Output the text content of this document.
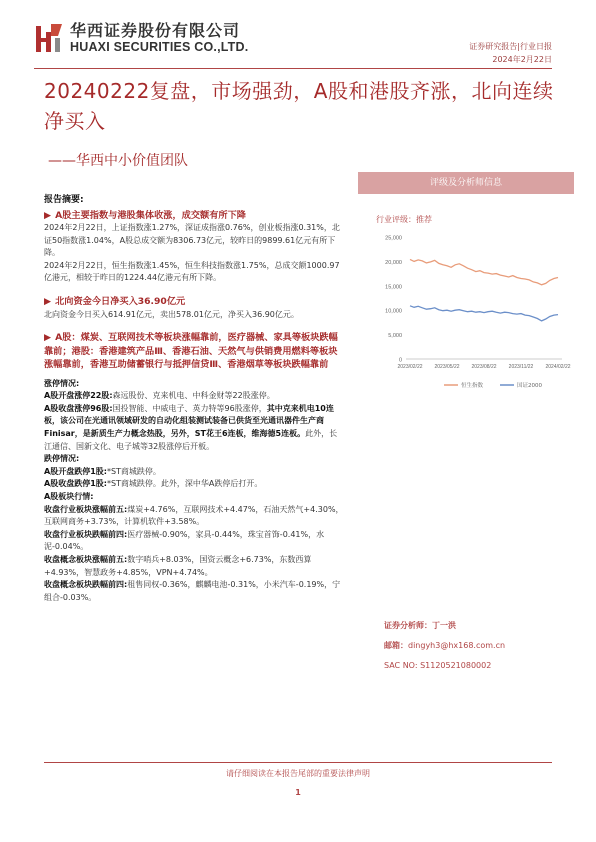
华西证券股份有限公司
HUAXI SECURITIES CO.,LTD.	证券研究报告|行业日报
2024年2月22日
20240222复盘，市场强劲，A股和港股齐涨，北向连续净买入
——华西中小价值团队
报告摘要:
▶ A股主要指数与港股集体收涨，成交额有所下降
2024年2月22日，上证指数涨1.27%，深证成指涨0.76%，创业板指涨0.31%，北证50指数涨1.04%，A股总成交额为8306.73亿元，较昨日的9899.61亿元有所下降。
2024年2月22日，恒生指数涨1.45%，恒生科技指数涨1.75%，总成交额1000.97亿港元，相较于昨日的1224.44亿港元有所下降。
▶ 北向资金今日净买入36.90亿元
北向资金今日买入614.91亿元，卖出578.01亿元，净买入36.90亿元。
▶ A股：煤炭、互联网技术等板块涨幅靠前，医疗器械、家具等板块跌幅靠前；港股：香港建筑产品Ⅲ、香港石油、天然气与供销费用燃料等板块涨幅靠前，香港互助储蓄银行与抵押信贷Ⅲ、香港烟草等板块跌幅靠前
涨停情况:
A股开盘涨停22股:森远股份、克来机电、中科金财等22股涨停。
A股收盘涨停96股:国投智能、中威电子、英力特等96股涨停，其中克来机电10连板，该公司在光通讯领域研发的自动化组装测试装备已供货至光通讯器件生产商Finisar，是新质生产力概念热股，另外，ST花王6连板，维海德5连板。此外，长江通信、国新文化、电子城等32股涨停后开板。
跌停情况:
A股开盘跌停1股:*ST商城跌停。
A股收盘跌停1股:*ST商城跌停。此外，深中华A跌停后打开。
A股板块行情:
收盘行业板块涨幅前五:煤炭+4.76%，互联网技术+4.47%，石油天然气+4.30%，互联网商务+3.73%，计算机软件+3.58%。
收盘行业板块跌幅前四:医疗器械-0.90%，家具-0.44%，珠宝首饰-0.41%，水泥-0.04%。
收盘概念板块涨幅前五:数字哨兵+8.03%，国资云概念+6.73%，东数西算+4.93%，智慧政务+4.85%，VPN+4.74%。
收盘概念板块跌幅前四:租售同权-0.36%，麒麟电池-0.31%，小米汽车-0.19%，宁组合-0.03%。
评级及分析师信息
行业评级：推荐
0
5,000
10,000
15,000
20,000
25,000
2023/02/22 2023/05/22 2023/08/22 2023/11/22 2024/02/22
恒生指数	国证2000
证券分析师：丁一洪
邮箱：dingyh3@hx168.com.cn
SAC NO: S1120521080002
请仔细阅读在本报告尾部的重要法律声明
1
